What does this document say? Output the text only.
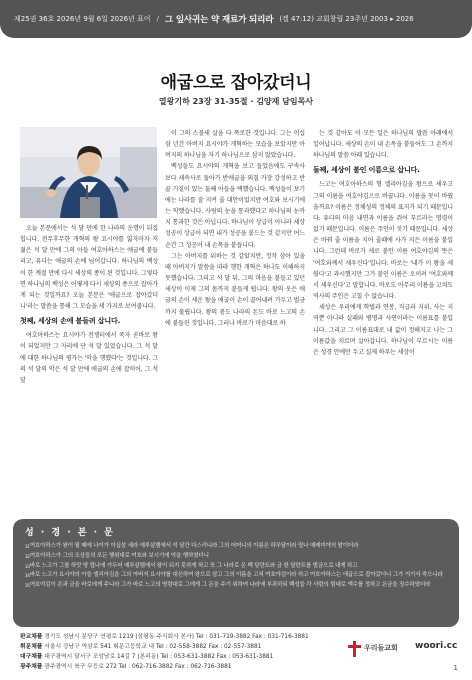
제25권 36호 2026년 9월 6일 2026년 표어 / 그 잎사귀는 약 재료가 되리라 (겔 47:12) 교회창립 23주년 2003 ▸ 2026
애굽으로 잡아갔더니
열왕기하 23장 31-35절 · 김양재 담임목사

오늘 본문에서는 석 달 만에 한 나라의 운명이 뒤집힙니다. 전무후무한 개혁의 왕 요시야를 잃자마자 저 젊은 석 달 만에 그의 아들 여호아하스는 애굽에 붙들리고, 유다는 애굽의 손에 넘어갑니다. 하나님의 백성이 한 계절 만에 다시 세상의 종이 된 것입니다. 그렇다면 하나님의 백성은 어떻게 다시 세상의 종으로 잡아가게 되는 것일까요? 오늘 본문은 '애굽으로 잡아갔더니'라는 말씀을 통해 그 모습을 세 가지로 보여줍니다.

첫째, 세상의 손에 붙들려 삽니다.

여호아하스는 요시야가 전쟁터에서 죽자 곧바로 왕이 되었지만 그 자리에 단 석 달 있었습니다. 그 석 달에 대한 하나님의 평가는 '악을 행했다'는 것입니다. 그의 석 달의 악은 석 달 만에 애굽의 손에 잡히어, 그 석 달

이 그의 스물세 살을 다 폭로한 것입니다. 그는 이십삼 년간 아버지 요시야가 개혁하는 모습을 보았지만 아버지의 하나님을 자기 하나님으로 삼지 않았습니다.

백성들도 요시야의 개혁을 보고 들었음에도 구속사보다 세속사로 돌아가 반애굽을 외칠 가장 강성하고 반골 기질이 있는 둘째 아들을 택했습니다. 백성들이 보기에는 나라를 잘 지켜 줄 대안이었지만 여호와 보시기에는 악했습니다. 사람의 눈을 통과했다고 하나님의 눈까지 통과한 것은 아닙니다. 하나님이 상급이 아니라 세상 성공이 상급이 되면 내가 성공을 붙드는 것 같지만 어느 순간 그 성공이 내 손목을 붙듭니다.

그는 아버지를 위하는 것 같았지만, 정작 삼아 있을 때 아버지가 말씀을 따라 행한 개혁은 하나도 이해하지 못했습니다. 그리고 석 달 뒤, 그의 마음을 붙들고 있던 세상이 이제 그의 몸까지 붙들게 됩니다. 왕의 옷은 애굽의 손이 세운 왕을 애굽이 손이 끌어내려 가두고 벌금까지 물립니다. 왕의 몸도 나라의 돈도 바로 느고의 손에 붙들린 것입니다. 그러나 바로가 마음대로 하

는 것 같아도 이 모든 일은 하나님의 말씀 아래에서 일어납니다. 세상의 손이 내 손목을 붙들어도 그 손까지 하나님의 말씀 아래 있습니다.

둘째, 세상이 붙인 이름으로 삽니다.

느고는 여호아하스의 형 엘리아김을 왕으로 세우고 그의 이름을 여호야김으로 바꿉니다. 이름을 뭇이 바꿨을까요? 이름은 정체성의 정체의 표지가 되기 때문입니다. 유다의 마음 내면과 이름을 쥐어 부르라는 명령이 없기 때문입니다. 이름은 주인이 짓기 때문입니다. 세상은 바꿔 줄 이름을 지어 줄때에 사가 지은 이름을 붙입니다. 그런데 바로가 새로 붙인 이름 여호야김의 뜻은 '여호와께서 세우신다'입니다. 바로는 '내가 이 왕을 세웠다'고 과시했지만 그가 붙인 이름은 오히려 '여호와께서 세우신다'고 말합니다. 바로도 아무리 이름을 고쳐도 역사의 주인은 고칠 수 없습니다.

세상은 우리에게 학벌과 연봉, 직급과 지위, 사는 지역뿐 아니라 실패와 병명과 사연이라는 이름표를 붙입니다. 그리고 그 이름표대로 내 값이 정해지고 나는 그 이름값을 치르며 살아갑니다. 하나님이 부르시는 이름은 성경 안에만 두고 실제 하루는 세상이

성 · 경 · 본 · 문
$^{31}$여호아하스가 왕이 될 때에 나이가 이십삼 세라 예루살렘에서 석 달간 다스리니라 그의 어머니의 이름은 하무달이라 립나 예레미야의 딸이더라
$^{32}$여호아하스가 그의 조상들의 모든 행위대로 여호와 보시기에 악을 행하였더니
$^{33}$바로 느고가 그를 하맛 땅 립나에 가두어 예루살렘에서 왕이 되지 못하게 하고 또 그 나라로 은 백 달란트와 금 한 달란트를 벌금으로 내게 하고
$^{34}$바로 느고가 요시야의 아들 엘리아김을 그의 아버지 요시야를 대신하여 왕으로 삼고 그의 이름을 고쳐 여호야김이라 하고 여호아하스는 애굽으로 잡아갔더니 그가 거기서 죽으니라
$^{35}$여호야김이 은과 금을 바로에게 주니라 그가 바로 느고의 명령대로 그에게 그 돈을 주기 위하여 나라에 부과하되 백성들 각 사람의 힘대로 액수를 정하고 은금을 징수하였더라
판교채플 경기도 성남시 분당구 연평로 1219 (삼평동 주식회사 본사) Tel : 031-719-3882 Fax : 031-716-3881
휘문채플 서울시 강남구 역삼로 541 휘문고등학교 내 Tel : 02-558-3882 Fax : 02-557-3881
대구채플 대구광역시 달서구 조암남로 14길 7 (본리동) Tel : 053-631-3882 Fax : 053-631-3881
광주채플 광주광역시 북구 무등로 272 Tel : 062-716-3882 Fax : 062-716-3881
우리들교회 woori.cc
1
